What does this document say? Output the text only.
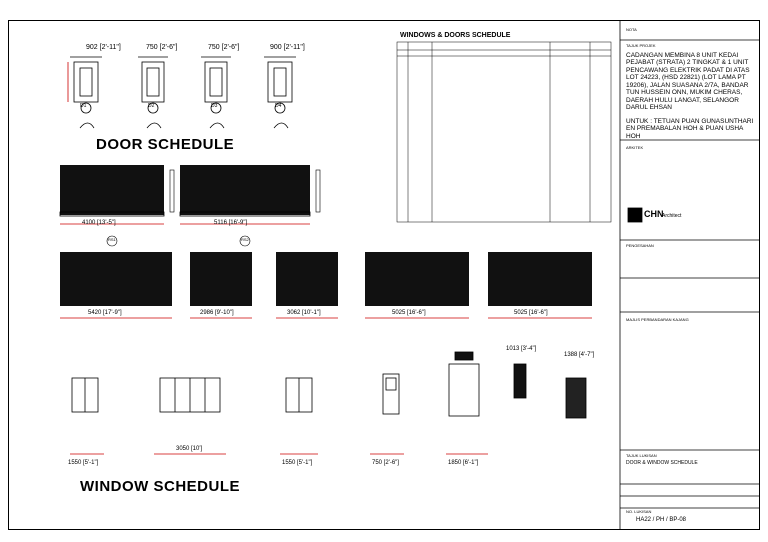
902 [2'-11"]	750 [2'-6"]	750 [2'-6"]	900 [2'-11"]
D1	D2	D3	D4
DOOR SCHEDULE
4100 [13'-5"]	5116 [16'-9"]
5420 [17'-9"]	2986 [9'-10"]	3062 [10'-1"]	5025 [16'-6"]	5025 [16'-6"]
RS1	RS2
1550 [5'-1"]
3050 [10']
1550 [5'-1"]	750 [2'-6"]	1850 [6'-1"]
1013 [3'-4"]
1388 [4'-7"]
WINDOW SCHEDULE
WINDOWS & DOORS SCHEDULE
NOTA
TAJUK PROJEK
CADANGAN MEMBINA 8 UNIT KEDAI PEJABAT (STRATA) 2 TINGKAT & 1 UNIT PENCAWANG ELEKTRIK PADAT DI ATAS LOT 24223, (HSD 22821) (LOT LAMA PT 19206), JALAN SUASANA 2/7A, BANDAR TUN HUSSEIN ONN, MUKIM CHERAS, DAERAH HULU LANGAT, SELANGOR DARUL EHSAN
UNTUK : TETUAN PUAN GUNASUNTHARI EN PREMABALAN HOH & PUAN USHA HOH
ARKITEK
CHN
Architect
PENGESAHAN
MAJLIS PERBANDARAN KAJANG
TAJUK LUKISAN
DOOR & WINDOW SCHEDULE
NO. LUKISAN
HA22 / PH / BP-08
